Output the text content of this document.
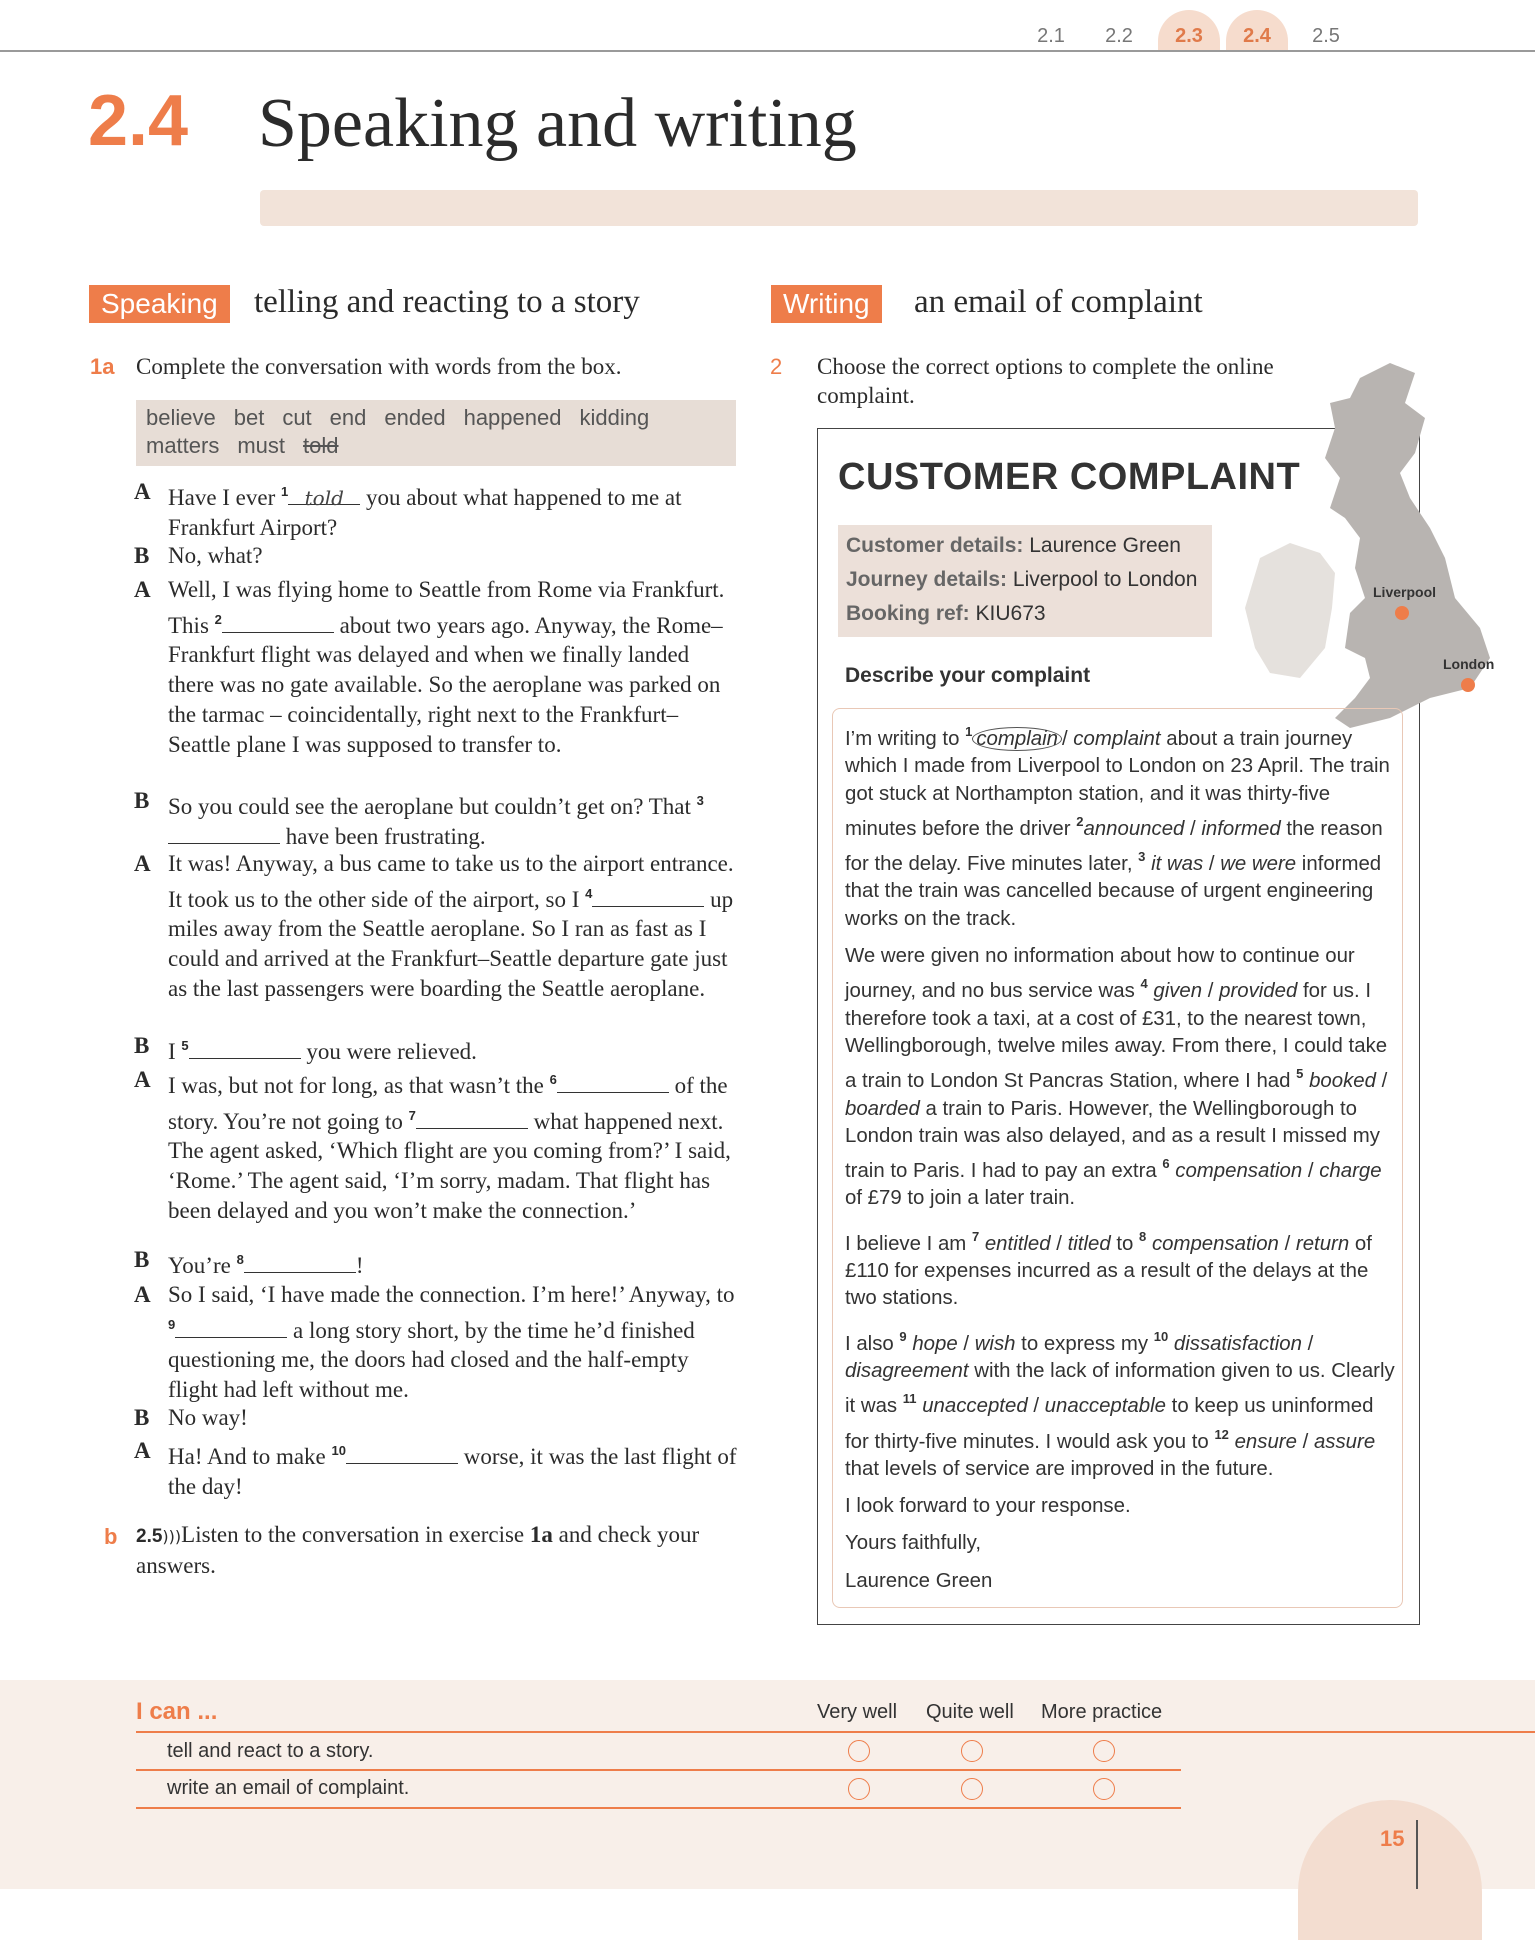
2.1	2.2	2.3	2.4	2.5
2.4 Speaking and writing
Speaking	telling and reacting to a story
1a Complete the conversation with words from the box.
believe bet cut end ended happened kidding
matters must told
A Have I ever $^1$ told you about what happened to me at Frankfurt Airport?
B No, what?
A Well, I was flying home to Seattle from Rome via Frankfurt. This $^2$	about two years ago. Anyway, the Rome–Frankfurt flight was delayed and when we finally landed there was no gate available. So the aeroplane was parked on the tarmac – coincidentally, right next to the Frankfurt–Seattle plane I was supposed to transfer to.
B So you could see the aeroplane but couldn’t get on? That $^3$ have been frustrating.
A It was! Anyway, a bus came to take us to the airport entrance. It took us to the other side of the airport, so I $^4$	up miles away from the Seattle aeroplane. So I ran as fast as I could and arrived at the Frankfurt–Seattle departure gate just as the last passengers were boarding the Seattle aeroplane.
B I $^5$	you were relieved.
A I was, but not for long, as that wasn’t the $^6$	of the story. You’re not going to $^7$	what happened next. The agent asked, ‘Which flight are you coming from?’ I said, ‘Rome.’ The agent said, ‘I’m sorry, madam. That flight has been delayed and you won’t make the connection.’
B You’re $^8$	!
A So I said, ‘I have made the connection. I’m here!’ Anyway, to $^9$	a long story short, by the time he’d finished questioning me, the doors had closed and the half-empty flight had left without me.
B No way!
A Ha! And to make $^{10}$	worse, it was the last flight of the day!
b 2.5)))Listen to the conversation in exercise 1a and check your answers.
Writing	an email of complaint
2 Choose the correct options to complete the online complaint.
Liverpool
London
CUSTOMER COMPLAINT
Customer details: Laurence Green
Journey details: Liverpool to London
Booking ref: KIU673
Describe your complaint

I’m writing to $^1$ complain / complaint about a train journey which I made from Liverpool to London on 23 April. The train got stuck at Northampton station, and it was thirty-five minutes before the driver $^2$announced / informed the reason for the delay. Five minutes later, $^3$ it was / we were informed that the train was cancelled because of urgent engineering works on the track.

We were given no information about how to continue our journey, and no bus service was $^4$ given / provided for us. I therefore took a taxi, at a cost of £31, to the nearest town, Wellingborough, twelve miles away. From there, I could take a train to London St Pancras Station, where I had $^5$ booked / boarded a train to Paris. However, the Wellingborough to London train was also delayed, and as a result I missed my train to Paris. I had to pay an extra $^6$ compensation / charge of £79 to join a later train.

I believe I am $^7$ entitled / titled to $^8$ compensation / return of £110 for expenses incurred as a result of the delays at the two stations.

I also $^9$ hope / wish to express my $^{10}$ dissatisfaction / disagreement with the lack of information given to us. Clearly it was $^{11}$ unaccepted / unacceptable to keep us uninformed for thirty-five minutes. I would ask you to $^{12}$ ensure / assure that levels of service are improved in the future.

I look forward to your response.

Yours faithfully,

Laurence Green

I can ...	Very well Quite well More practice
tell and react to a story.
write an email of complaint.
15
